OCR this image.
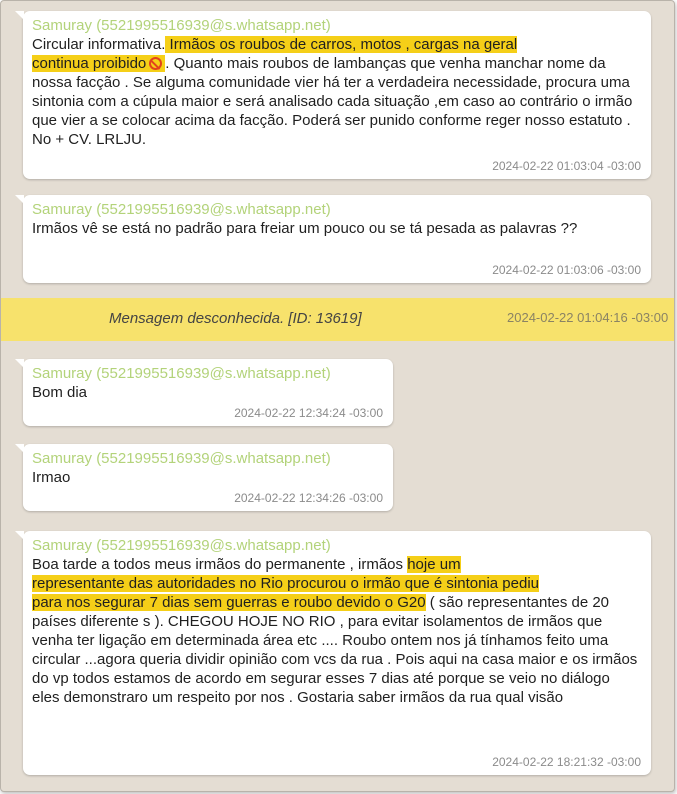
Samuray (5521995516939@s.whatsapp.net)
Circular informativa. Irmãos os roubos de carros, motos , cargas na geral
continua proibido . Quanto mais roubos de lambanças que venha manchar nome da nossa facção . Se alguma comunidade vier há ter a verdadeira necessidade, procura uma sintonia com a cúpula maior e será analisado cada situação ,em caso ao contrário o irmão que vier a se colocar acima da facção. Poderá ser punido conforme reger nosso estatuto . No + CV. LRLJU.
2024-02-22 01:03:04 -03:00
Samuray (5521995516939@s.whatsapp.net)
Irmãos vê se está no padrão para freiar um pouco ou se tá pesada as palavras ??
2024-02-22 01:03:06 -03:00
Mensagem desconhecida. [ID: 13619]	2024-02-22 01:04:16 -03:00
Samuray (5521995516939@s.whatsapp.net)
Bom dia
2024-02-22 12:34:24 -03:00
Samuray (5521995516939@s.whatsapp.net)
Irmao
2024-02-22 12:34:26 -03:00
Samuray (5521995516939@s.whatsapp.net)
Boa tarde a todos meus irmãos do permanente , irmãos hoje um
representante das autoridades no Rio procurou o irmão que é sintonia pediu
para nos segurar 7 dias sem guerras e roubo devido o G20 ( são representantes de 20 países diferente s ). CHEGOU HOJE NO RIO , para evitar isolamentos de irmãos que venha ter ligação em determinada área etc .... Roubo ontem nos já tínhamos feito uma circular ...agora queria dividir opinião com vcs da rua . Pois aqui na casa maior e os irmãos do vp todos estamos de acordo em segurar esses 7 dias até porque se veio no diálogo eles demonstraro um respeito por nos . Gostaria saber irmãos da rua qual visão
2024-02-22 18:21:32 -03:00
